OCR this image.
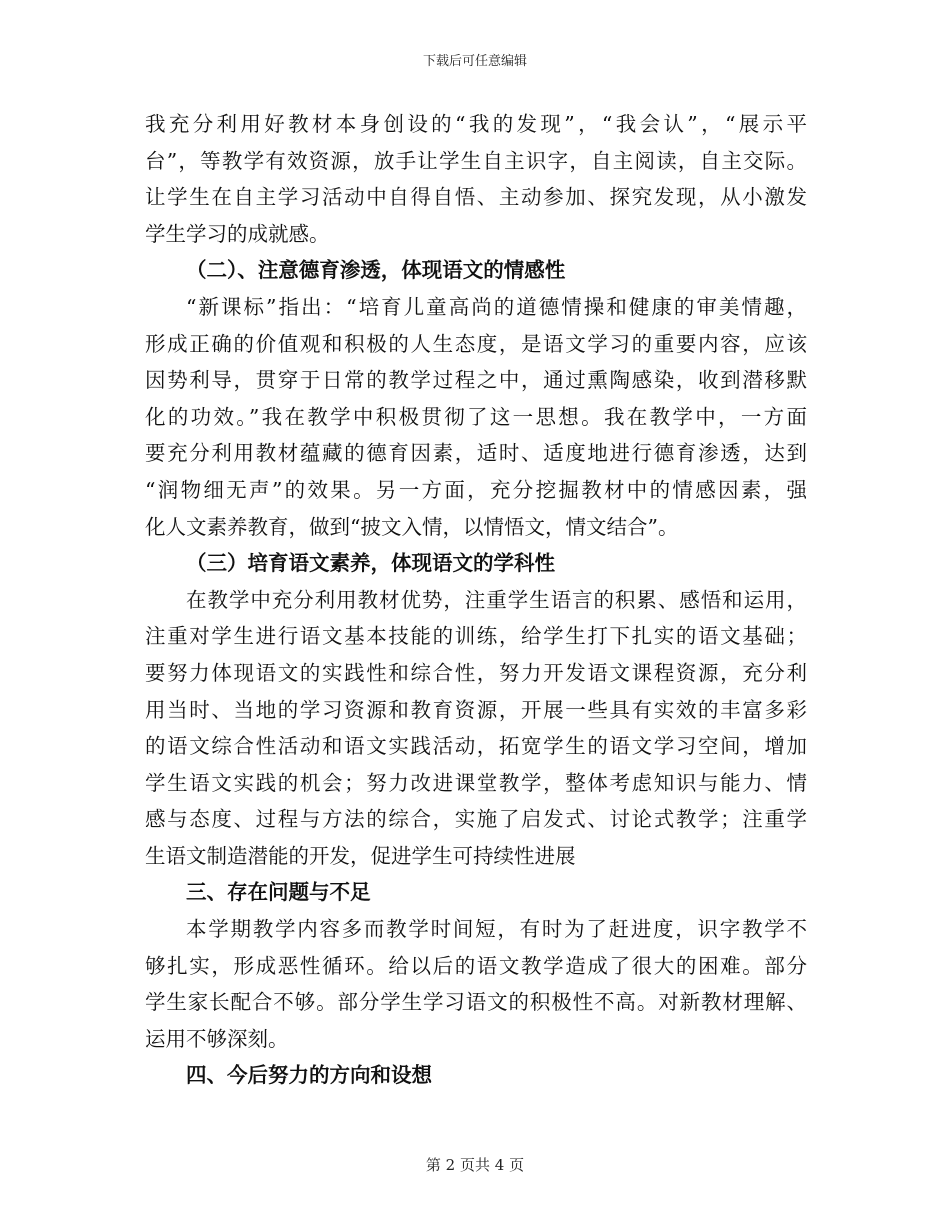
下载后可任意编辑
我充分利用好教材本身创设的“我的发现”，“我会认”，“展示平
台”，等教学有效资源，放手让学生自主识字，自主阅读，自主交际。
让学生在自主学习活动中自得自悟、主动参加、探究发现，从小激发
学生学习的成就感。
（二）、注意德育渗透，体现语文的情感性
“新课标”指出：“培育儿童高尚的道德情操和健康的审美情趣，
形成正确的价值观和积极的人生态度，是语文学习的重要内容，应该
因势利导，贯穿于日常的教学过程之中，通过熏陶感染，收到潜移默
化的功效。”我在教学中积极贯彻了这一思想。我在教学中，一方面
要充分利用教材蕴藏的德育因素，适时、适度地进行德育渗透，达到
“润物细无声”的效果。另一方面，充分挖掘教材中的情感因素，强
化人文素养教育，做到“披文入情，以情悟文，情文结合”。
（三）培育语文素养，体现语文的学科性
在教学中充分利用教材优势，注重学生语言的积累、感悟和运用，
注重对学生进行语文基本技能的训练，给学生打下扎实的语文基础；
要努力体现语文的实践性和综合性，努力开发语文课程资源，充分利
用当时、当地的学习资源和教育资源，开展一些具有实效的丰富多彩
的语文综合性活动和语文实践活动，拓宽学生的语文学习空间，增加
学生语文实践的机会；努力改进课堂教学，整体考虑知识与能力、情
感与态度、过程与方法的综合，实施了启发式、讨论式教学；注重学
生语文制造潜能的开发，促进学生可持续性进展
三、存在问题与不足
本学期教学内容多而教学时间短，有时为了赶进度，识字教学不
够扎实，形成恶性循环。给以后的语文教学造成了很大的困难。部分
学生家长配合不够。部分学生学习语文的积极性不高。对新教材理解、
运用不够深刻。
四、今后努力的方向和设想
第 2 页共 4 页
